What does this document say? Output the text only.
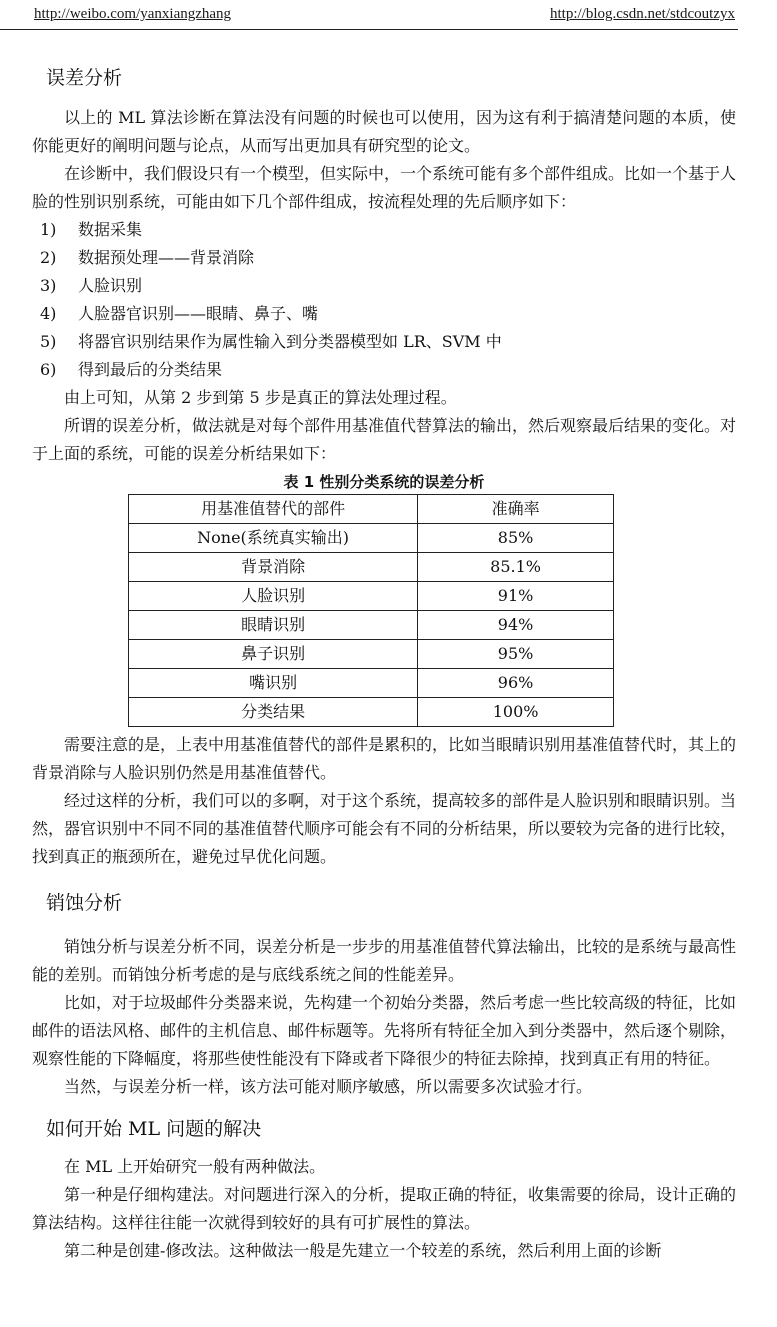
http://weibo.com/yanxiangzhang	http://blog.csdn.net/stdcoutzyx
误差分析

以上的 ML 算法诊断在算法没有问题的时候也可以使用，因为这有利于搞清楚问题的本质，使你能更好的阐明问题与论点，从而写出更加具有研究型的论文。

在诊断中，我们假设只有一个模型，但实际中，一个系统可能有多个部件组成。比如一个基于人脸的性别识别系统，可能由如下几个部件组成，按流程处理的先后顺序如下：

1) 数据采集
2) 数据预处理——背景消除
3) 人脸识别
4) 人脸器官识别——眼睛、鼻子、嘴
5) 将器官识别结果作为属性输入到分类器模型如 LR、SVM 中
6) 得到最后的分类结果

由上可知，从第 2 步到第 5 步是真正的算法处理过程。

所谓的误差分析，做法就是对每个部件用基准值代替算法的输出，然后观察最后结果的变化。对于上面的系统，可能的误差分析结果如下：

表 1 性别分类系统的误差分析
用基准值替代的部件	准确率
None(系统真实输出)	85%
背景消除	85.1%
人脸识别	91%
眼睛识别	94%
鼻子识别	95%
嘴识别	96%
分类结果	100%

需要注意的是，上表中用基准值替代的部件是累积的，比如当眼睛识别用基准值替代时，其上的背景消除与人脸识别仍然是用基准值替代。

经过这样的分析，我们可以的多啊，对于这个系统，提高较多的部件是人脸识别和眼睛识别。当然，器官识别中不同不同的基准值替代顺序可能会有不同的分析结果，所以要较为完备的进行比较，找到真正的瓶颈所在，避免过早优化问题。

销蚀分析

销蚀分析与误差分析不同，误差分析是一步步的用基准值替代算法输出，比较的是系统与最高性能的差别。而销蚀分析考虑的是与底线系统之间的性能差异。

比如，对于垃圾邮件分类器来说，先构建一个初始分类器，然后考虑一些比较高级的特征，比如邮件的语法风格、邮件的主机信息、邮件标题等。先将所有特征全加入到分类器中，然后逐个剔除，观察性能的下降幅度，将那些使性能没有下降或者下降很少的特征去除掉，找到真正有用的特征。

当然，与误差分析一样，该方法可能对顺序敏感，所以需要多次试验才行。

如何开始 ML 问题的解决

在 ML 上开始研究一般有两种做法。

第一种是仔细构建法。对问题进行深入的分析，提取正确的特征，收集需要的徐局，设计正确的算法结构。这样往往能一次就得到较好的具有可扩展性的算法。

第二种是创建-修改法。这种做法一般是先建立一个较差的系统，然后利用上面的诊断
